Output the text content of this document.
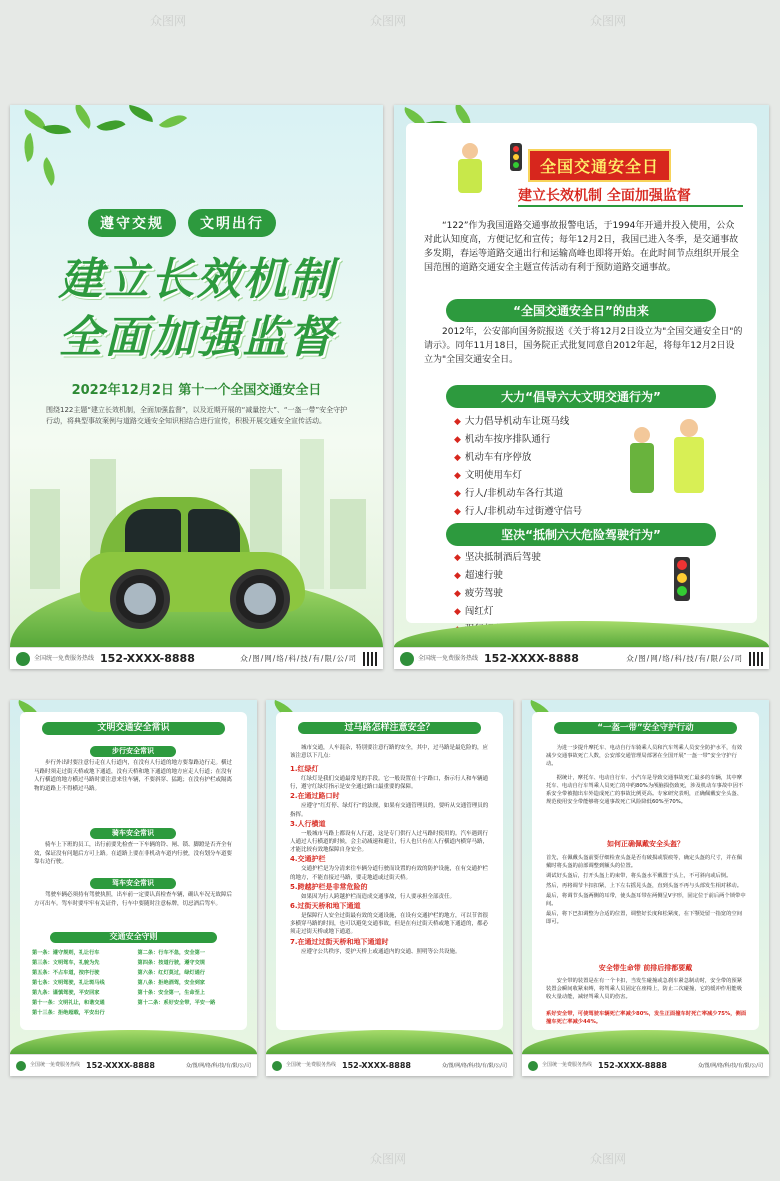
遵守交规	文明出行
建立长效机制
全面加强监督
2022年12月2日 第十一个全国交通安全日
围绕122主题“建立长效机制，全面加强监督”，以及近期开展的“减量控大”、“一盔一带”安全守护行动，将典型事故案例与道路交通安全知识相结合进行宣传，积极开展交通安全宣传活动。
全国统一免费服务热线 152-XXXX-8888	众/图/网/络/科/技/有/限/公/司
全国交通安全日
建立长效机制 全面加强监督
“122”作为我国道路交通事故报警电话，于1994年开通并投入使用，公众对此认知度高，方便记忆和宣传；每年12月2日，我国已进入冬季，是交通事故多发期，春运等道路交通出行和运输高峰也即将开始。在此时间节点组织开展全国范围的道路交通安全主题宣传活动有利于预防道路交通事故。
“全国交通安全日”的由来
2012年，公安部向国务院报送《关于将12月2日设立为"全国交通安全日"的请示》。同年11月18日，国务院正式批复同意自2012年起，将每年12月2日设立为"全国交通安全日。
大力“倡导六大文明交通行为”
◆ 大力倡导机动车让斑马线
◆ 机动车按序排队通行
◆ 机动车有序停放
◆ 文明使用车灯
◆ 行人/非机动车各行其道
◆ 行人/非机动车过街遵守信号
坚决“抵制六大危险驾驶行为”
◆ 坚决抵制酒后驾驶
◆ 超速行驶
◆ 疲劳驾驶
◆ 闯红灯
◆
◆
全国统一免费服务热线 152-XXXX-8888	众/图/网/络/科/技/有/限/公/司
文明交通安全常识
步行安全常识
步行外出时要注意行走在人行道内，在没有人行道的地方要靠路边行走。横过马路时须走过街天桥或地下通道，没有天桥和地下通道的地方应走人行道；在没有人行横道的地方横过马路时要注意来往车辆，不要斜穿、猛跑；在没有护栏或隔离物的道路上不得横过马路。
骑车安全常识
骑车上下班的员工，出行前要先检查一下车辆的铃、闸、锁、脚蹬是否齐全有效，保证没有问题后方可上路。在道路上要在非机动车道内行驶，没有划分车道要靠右边行驶。
驾车安全常识
驾驶车辆必须持有驾驶执照，出车前一定要认真检查车辆，确认车况无故障后方可出车。驾车时要牢牢有关证件，行车中要随时注意标牌，切忌酒后驾车。
交通安全守则
第一条：遵守规则，礼让行车	第二条：行车不急，安全第一
第三条：文明驾车，礼貌为先	第四条：按道行驶，遵守交规
第五条：不占车道，按序行驶	第六条：红灯莫过，绿灯通行
第七条：文明驾驶，礼让斑马线	第八条：拒绝酒驾，安全到家
第九条：谨慎驾驶，平安回家	第十条：安全第一，生命至上
第十一条：文明礼让，和谐交通	第十二条：系好安全带，平安一路
第十三条：拒绝超载，平安出行
全国统一免费服务热线 152-XXXX-8888	众/图/网/络/科/技/有/限/公/司
过马路怎样注意安全？
城市交通，人车混杂，特别要注意行路的安全，其中，过马路是最危险的，应该注意以下几点：
1.红绿灯
红绿灯是我们交通最常见的手段。它一般设置在十字路口，指示行人和车辆通行，遵守红绿灯指示是安全通过路口最重要的保障。
2.在通过路口时
应遵守“红灯停、绿灯行”的法规，如果有交通管理员的，要听从交通管理员的指挥。
3.人行横道
一般城市马路上都设有人行道，这是专门供行人过马路时使用的。汽车遇到行人通过人行横道的时候，会主动减速和避让，行人也只有在人行横道内横穿马路，才能比较有效地保障自身安全。
4.交通护栏
交通护栏是为分清来往车辆分道行驶而设置的有效的防护设施，在有交通护栏的地方，不能直接过马路，要走地道或过街天桥。
5.跨越护栏是非常危险的
如果因为行人跨越护栏而造成交通事故，行人要承担全部责任。
6.过街天桥和地下通道
是保障行人安全过街最有效的交通设施，在设有交通护栏的地方，可以节省很多横穿马路的时间，也可以避免交通事故，但是在有过街天桥或地下通道的，都必须走过街天桥或地下通道。
7.在通过过街天桥和地下通道时
应遵守公共秩序，爱护天桥上或通道内的交通、照明等公共设施。
全国统一免费服务热线 152-XXXX-8888	众/图/网/络/科/技/有/限/公/司
“一盔一带”安全守护行动
为进一步提升摩托车、电动自行车骑乘人员和汽车驾乘人员安全防护水平，有效减少交通事故死亡人数，公安部交通管理局部署在全国开展“一盔一带”安全守护行动。
据统计，摩托车、电动自行车、小汽车是导致交通事故死亡最多的车辆，其中摩托车、电动自行车驾乘人员死亡的中约80%为颅脑损伤致死，涉及机动车事故中因不系安全带被抛出车外造成死亡的事故比例更高。专家研究表明，正确佩戴安全头盔、规范使用安全带能够将交通事故死亡风险降低60%至70%。
如何正确佩戴安全头盔？
首先，在佩戴头盔前要仔细检查头盔是否有破损或裂痕等，确定头盔的尺寸，并在佩戴时将头盔的前部调整到额头的位置。
调试好头盔后，打开头盔上的束带，将头盔水平戴置于头上，不可斜向或后倒。
然后，再将调节卡扣扣紧，上下左右摇晃头盔，直到头盔不再与头部发生相对移动。
最后，将调节头盔两侧的耳带，使头盔耳带在两侧呈V字形，固定位于前后两个锁带中间。
最后，将下巴扣调整为合适的位置，调整好长度和松紧度，在下颚处留一指宽的空间即可。
安全带生命带 前排后排都要戴
安全带的装置是在有一个卡扣，当发生碰撞或急刹车紧急制动时，安全带的预紧装置会瞬间收紧束缚，将驾乘人员固定在座椅上，防止二次碰撞，它的缓冲作用能吸收大量动能，减轻驾乘人员的伤害。
系好安全带，可使驾驶车辆死亡率减少80%，发生正面撞车时死亡率减少75%，侧面撞车死亡率减少44%。
全国统一免费服务热线 152-XXXX-8888	众/图/网/络/科/技/有/限/公/司
众图网	众图网	众图网
众图网	众图网
